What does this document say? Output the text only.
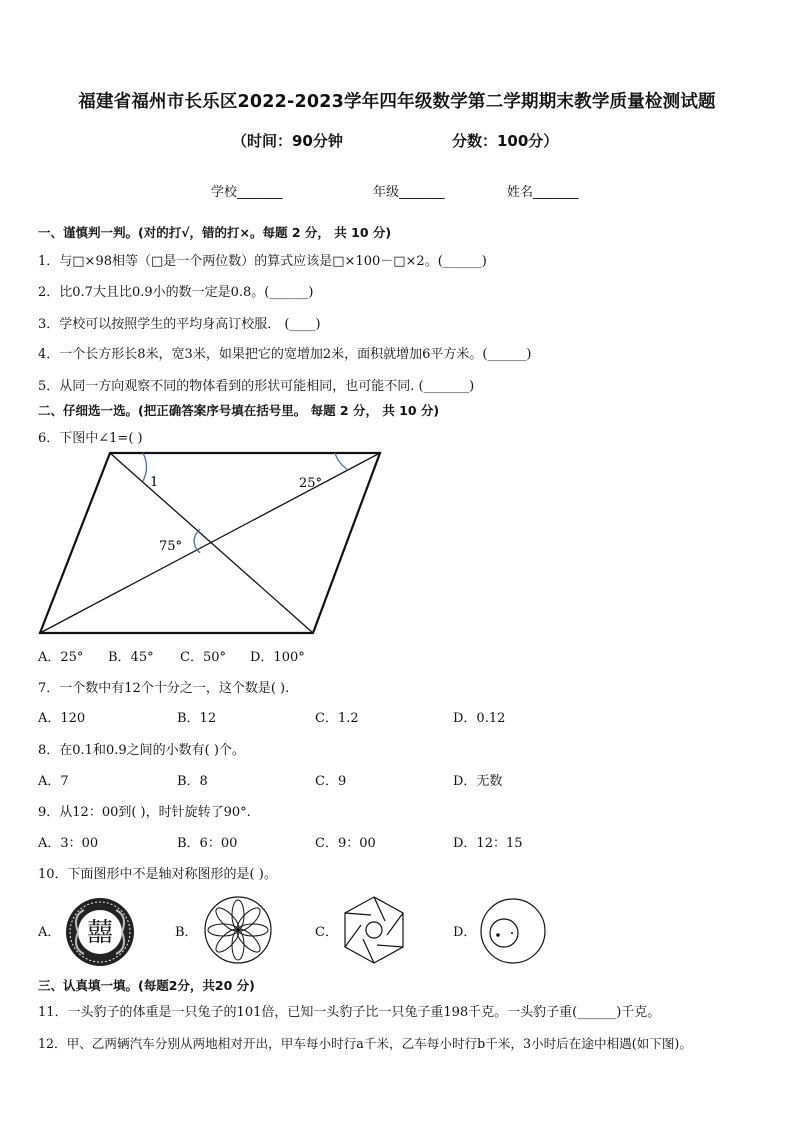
福建省福州市长乐区2022-2023学年四年级数学第二学期期末教学质量检测试题
（时间：90分钟	分数：100分）
学校_______	年级_______	姓名_______
一、谨慎判一判。(对的打√，错的打×。每题 2 分， 共 10 分)
1．与□×98相等（□是一个两位数）的算式应该是□×100－□×2。(______)
2．比0.7大且比0.9小的数一定是0.8。(______)
3．学校可以按照学生的平均身高订校服． (____)
4．一个长方形长8米，宽3米，如果把它的宽增加2米，面积就增加6平方米。(______)
5．从同一方向观察不同的物体看到的形状可能相同，也可能不同. (_______)
二、仔细选一选。(把正确答案序号填在括号里。 每题 2 分， 共 10 分)
6．下图中∠1=( )
1	25°
75°
A．25° B．45° C．50° D．100°
7．一个数中有12个十分之一，这个数是( ).
A．120	B．12	C．1.2	D．0.12
8．在0.1和0.9之间的小数有( )个。
A．7	B．8	C．9	D．无数
9．从12：00到( )，时针旋转了90°.
A．3：00	B．6：00	C．9：00	D．12：15
10．下面图形中不是轴对称图形的是( )。
A． 囍	B．	C．	D．
三、认真填一填。(每题2分，共20 分)
11．一头豹子的体重是一只兔子的101倍，已知一头豹子比一只兔子重198千克。一头豹子重(______)千克。
12．甲、乙两辆汽车分别从两地相对开出，甲车每小时行a千米，乙车每小时行b千米，3小时后在途中相遇(如下图)。
